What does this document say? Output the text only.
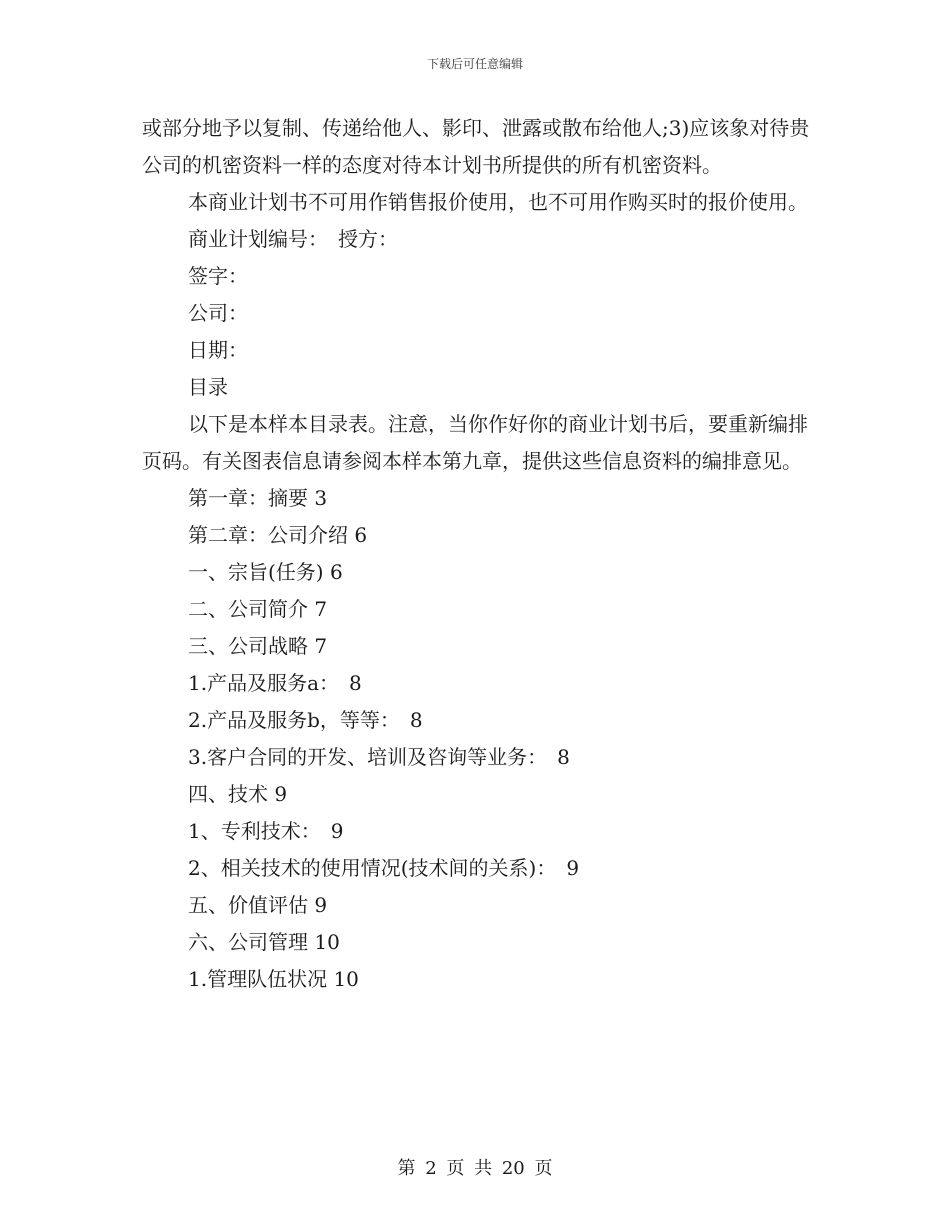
下载后可任意编辑

或部分地予以复制、传递给他人、影印、泄露或散布给他人;3)应该象对待贵公司的机密资料一样的态度对待本计划书所提供的所有机密资料。

本商业计划书不可用作销售报价使用，也不可用作购买时的报价使用。

商业计划编号：　授方：

签字：

公司：

日期：

目录

以下是本样本目录表。注意，当你作好你的商业计划书后，要重新编排页码。有关图表信息请参阅本样本第九章，提供这些信息资料的编排意见。

第一章：摘要 3

第二章：公司介绍 6

一、宗旨(任务) 6

二、公司简介 7

三、公司战略 7

1.产品及服务a：　8

2.产品及服务b，等等：　8

3.客户合同的开发、培训及咨询等业务：　8

四、技术 9

1、专利技术：　9

2、相关技术的使用情况(技术间的关系)：　9

五、价值评估 9

六、公司管理 10

1.管理队伍状况 10

第 2 页 共 20 页
